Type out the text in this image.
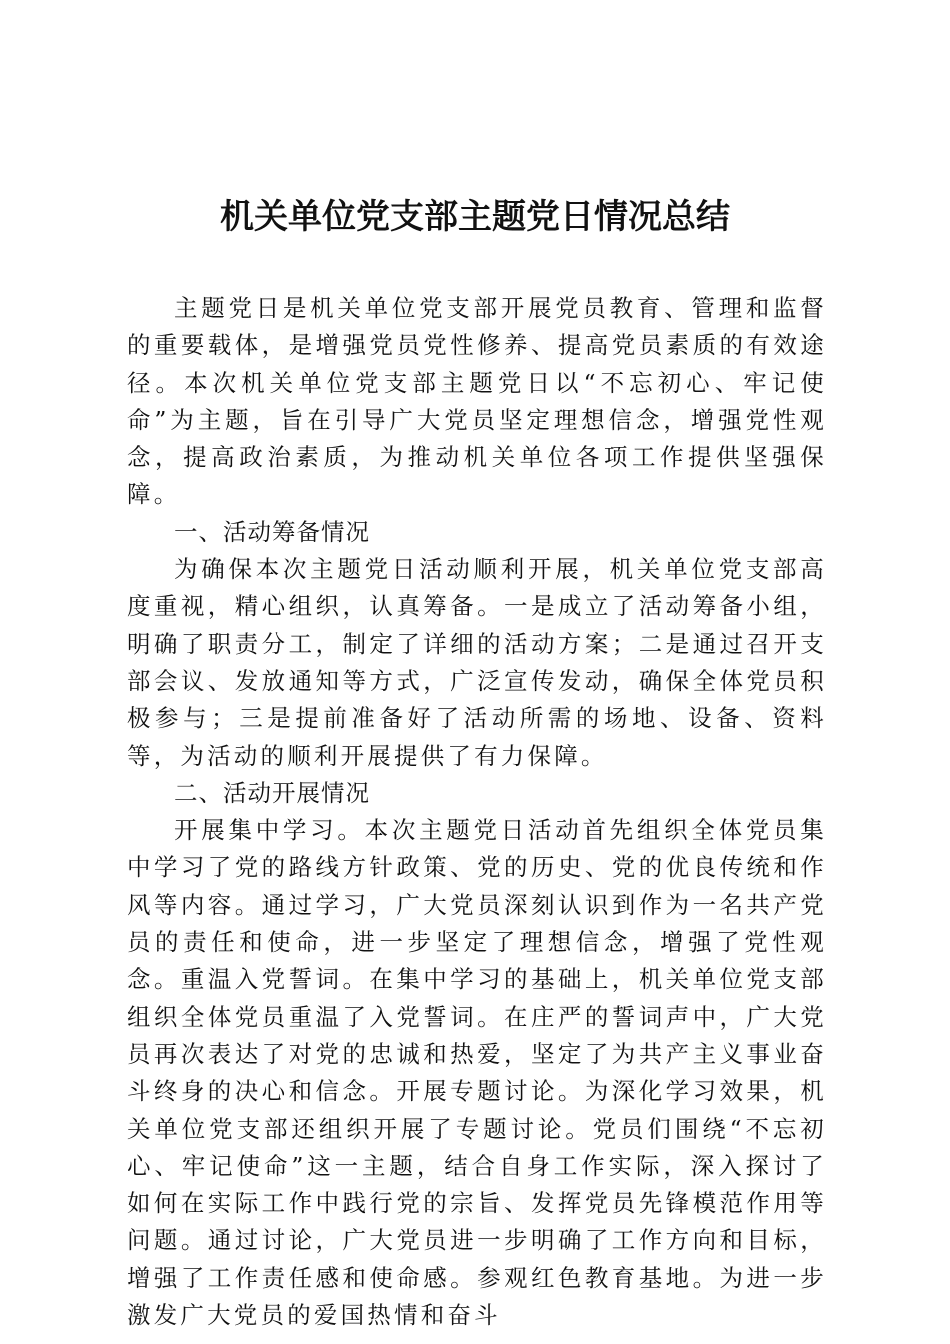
机关单位党支部主题党日情况总结

主题党日是机关单位党支部开展党员教育、管理和监督的重要载体，是增强党员党性修养、提高党员素质的有效途径。本次机关单位党支部主题党日以“不忘初心、牢记使命”为主题，旨在引导广大党员坚定理想信念，增强党性观念，提高政治素质，为推动机关单位各项工作提供坚强保障。

一、活动筹备情况

为确保本次主题党日活动顺利开展，机关单位党支部高度重视，精心组织，认真筹备。一是成立了活动筹备小组，明确了职责分工，制定了详细的活动方案；二是通过召开支部会议、发放通知等方式，广泛宣传发动，确保全体党员积极参与；三是提前准备好了活动所需的场地、设备、资料等，为活动的顺利开展提供了有力保障。

二、活动开展情况

开展集中学习。本次主题党日活动首先组织全体党员集中学习了党的路线方针政策、党的历史、党的优良传统和作风等内容。通过学习，广大党员深刻认识到作为一名共产党员的责任和使命，进一步坚定了理想信念，增强了党性观念。重温入党誓词。在集中学习的基础上，机关单位党支部组织全体党员重温了入党誓词。在庄严的誓词声中，广大党员再次表达了对党的忠诚和热爱，坚定了为共产主义事业奋斗终身的决心和信念。开展专题讨论。为深化学习效果，机关单位党支部还组织开展了专题讨论。党员们围绕“不忘初心、牢记使命”这一主题，结合自身工作实际，深入探讨了如何在实际工作中践行党的宗旨、发挥党员先锋模范作用等问题。通过讨论，广大党员进一步明确了工作方向和目标，增强了工作责任感和使命感。参观红色教育基地。为进一步激发广大党员的爱国热情和奋斗
